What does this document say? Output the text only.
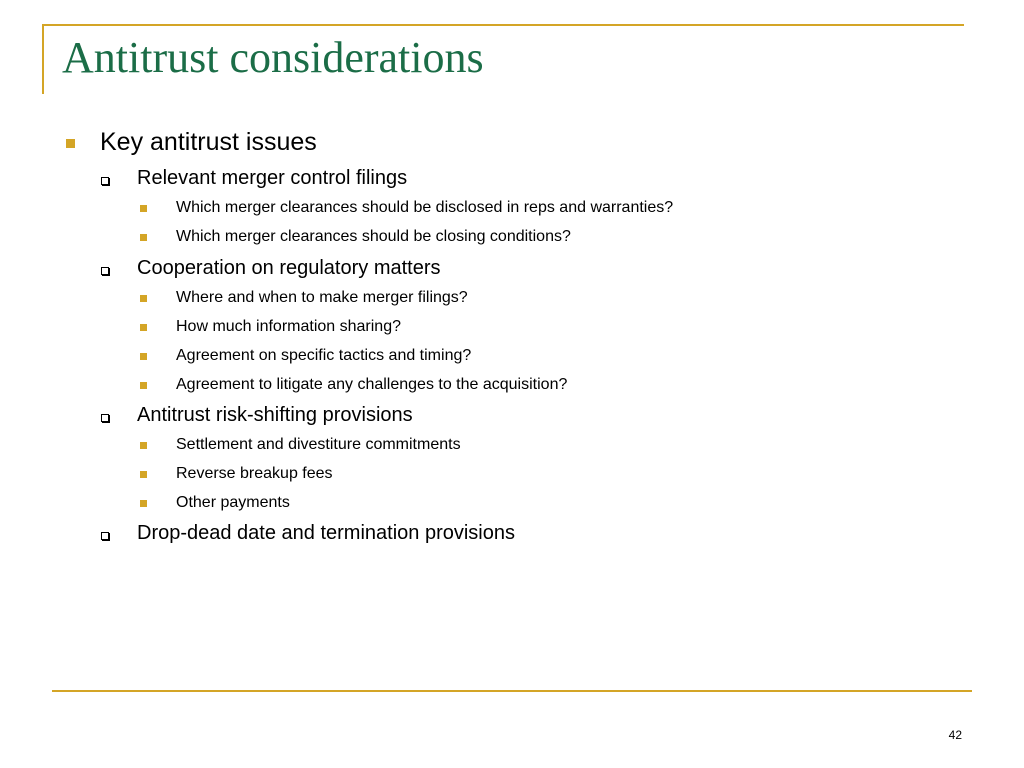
Antitrust considerations
Key antitrust issues
Relevant merger control filings
Which merger clearances should be disclosed in reps and warranties?
Which merger clearances should be closing conditions?
Cooperation on regulatory matters
Where and when to make merger filings?
How much information sharing?
Agreement on specific tactics and timing?
Agreement to litigate any challenges to the acquisition?
Antitrust risk-shifting provisions
Settlement and divestiture commitments
Reverse breakup fees
Other payments
Drop-dead date and termination provisions
42
